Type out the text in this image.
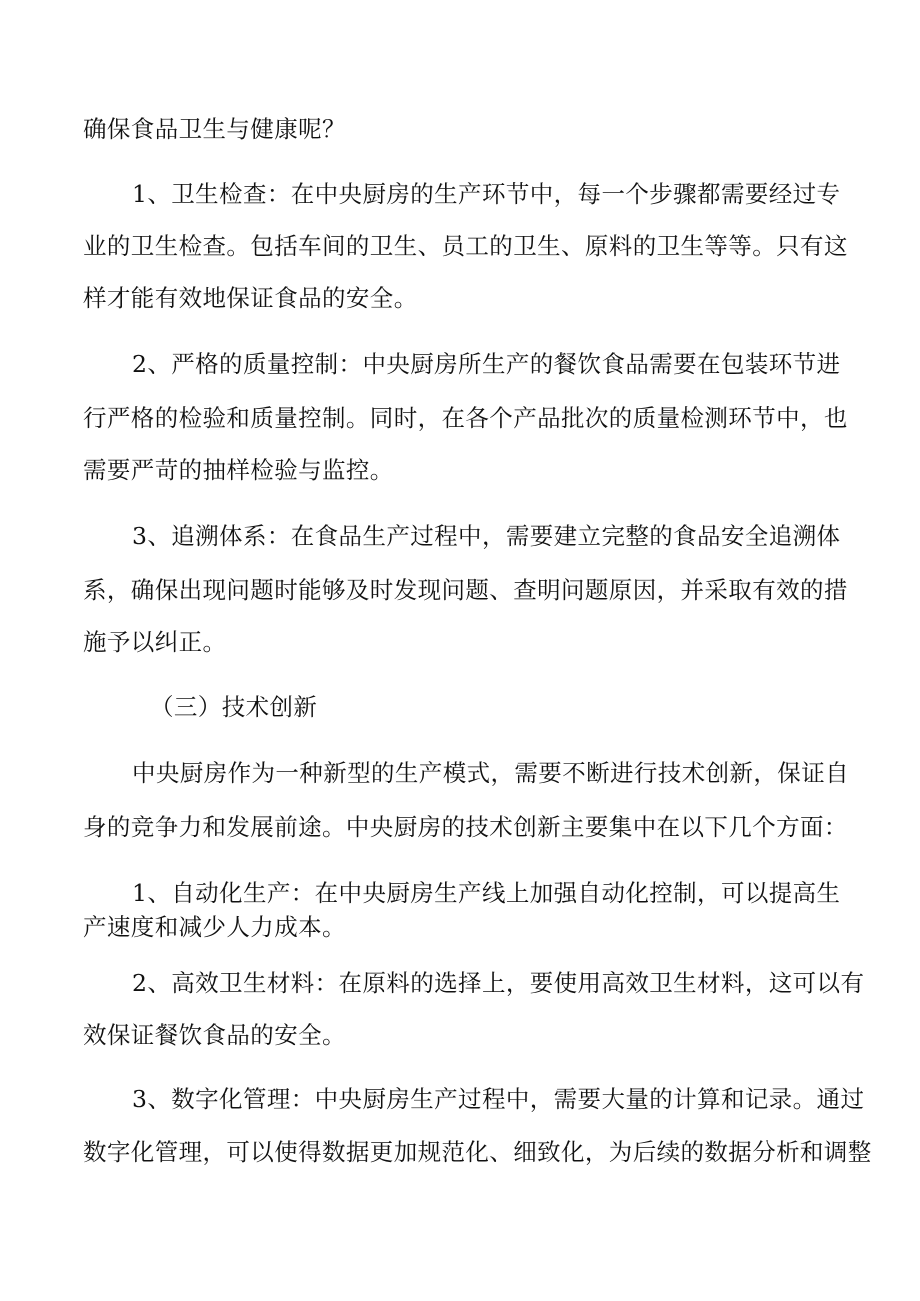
确保食品卫生与健康呢？
1、卫生检查：在中央厨房的生产环节中，每一个步骤都需要经过专
业的卫生检查。包括车间的卫生、员工的卫生、原料的卫生等等。只有这
样才能有效地保证食品的安全。
2、严格的质量控制：中央厨房所生产的餐饮食品需要在包装环节进
行严格的检验和质量控制。同时，在各个产品批次的质量检测环节中，也
需要严苛的抽样检验与监控。
3、追溯体系：在食品生产过程中，需要建立完整的食品安全追溯体
系，确保出现问题时能够及时发现问题、查明问题原因，并采取有效的措
施予以纠正。
（三）技术创新
中央厨房作为一种新型的生产模式，需要不断进行技术创新，保证自
身的竞争力和发展前途。中央厨房的技术创新主要集中在以下几个方面：
1、自动化生产：在中央厨房生产线上加强自动化控制，可以提高生
产速度和减少人力成本。
2、高效卫生材料：在原料的选择上，要使用高效卫生材料，这可以有
效保证餐饮食品的安全。
3、数字化管理：中央厨房生产过程中，需要大量的计算和记录。通过
数字化管理，可以使得数据更加规范化、细致化，为后续的数据分析和调整
